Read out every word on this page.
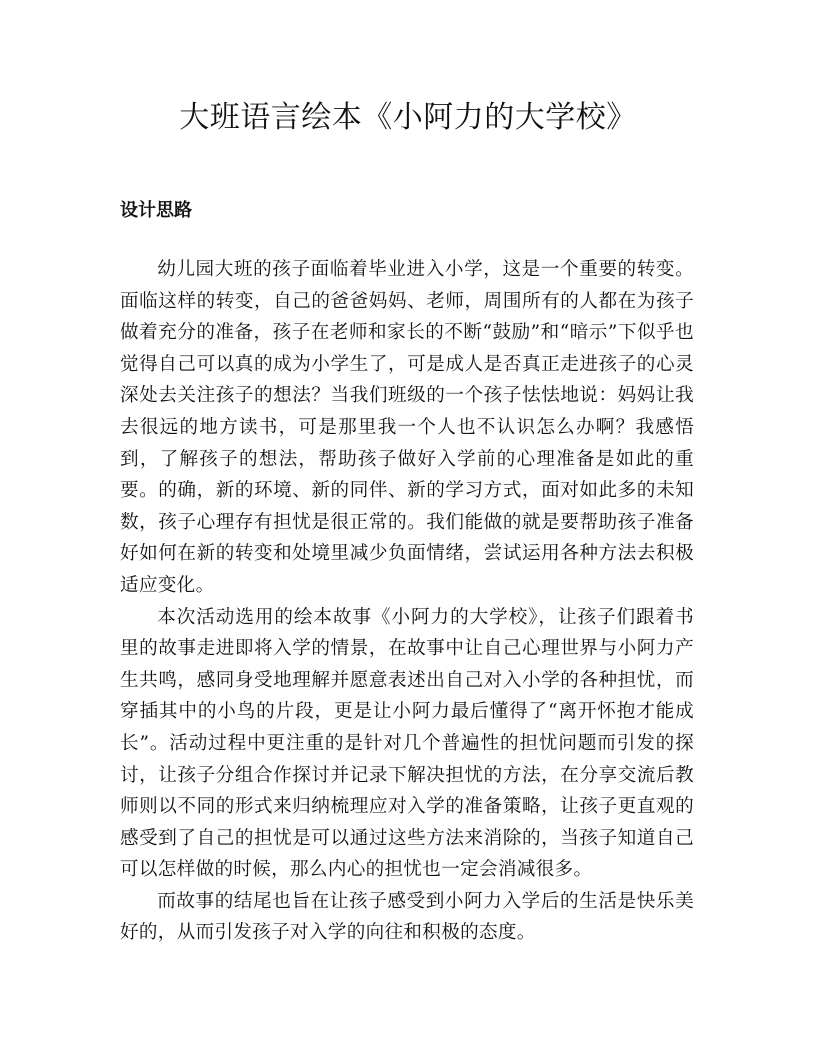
大班语言绘本《小阿力的大学校》
设计思路

幼儿园大班的孩子面临着毕业进入小学，这是一个重要的转变。面临这样的转变，自己的爸爸妈妈、老师，周围所有的人都在为孩子做着充分的准备，孩子在老师和家长的不断“鼓励”和“暗示”下似乎也觉得自己可以真的成为小学生了，可是成人是否真正走进孩子的心灵深处去关注孩子的想法？当我们班级的一个孩子怯怯地说：妈妈让我去很远的地方读书，可是那里我一个人也不认识怎么办啊？我感悟到，了解孩子的想法，帮助孩子做好入学前的心理准备是如此的重要。的确，新的环境、新的同伴、新的学习方式，面对如此多的未知数，孩子心理存有担忧是很正常的。我们能做的就是要帮助孩子准备好如何在新的转变和处境里减少负面情绪，尝试运用各种方法去积极适应变化。

本次活动选用的绘本故事《小阿力的大学校》，让孩子们跟着书里的故事走进即将入学的情景，在故事中让自己心理世界与小阿力产生共鸣，感同身受地理解并愿意表述出自己对入小学的各种担忧，而穿插其中的小鸟的片段，更是让小阿力最后懂得了“离开怀抱才能成长”。活动过程中更注重的是针对几个普遍性的担忧问题而引发的探讨，让孩子分组合作探讨并记录下解决担忧的方法，在分享交流后教师则以不同的形式来归纳梳理应对入学的准备策略，让孩子更直观的感受到了自己的担忧是可以通过这些方法来消除的，当孩子知道自己可以怎样做的时候，那么内心的担忧也一定会消减很多。

而故事的结尾也旨在让孩子感受到小阿力入学后的生活是快乐美好的，从而引发孩子对入学的向往和积极的态度。
